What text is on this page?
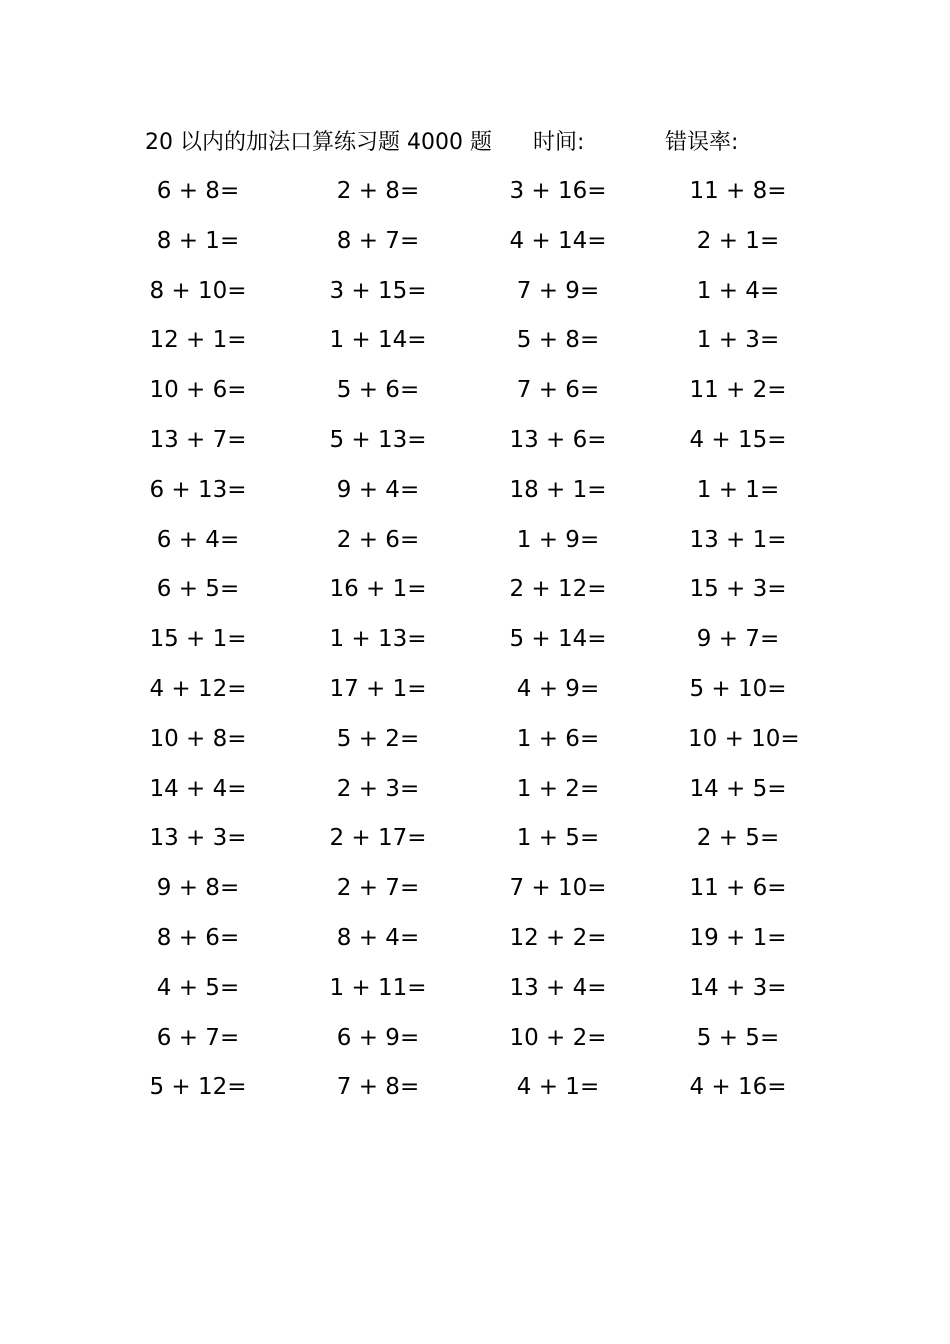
20 以内的加法口算练习题 4000 题 时间:	错误率:
6 + 8=	2 + 8=	3 + 16=	11 + 8=
8 + 1=	8 + 7=	4 + 14=	2 + 1=
8 + 10=	3 + 15=	7 + 9=	1 + 4=
12 + 1=	1 + 14=	5 + 8=	1 + 3=
10 + 6=	5 + 6=	7 + 6=	11 + 2=
13 + 7=	5 + 13=	13 + 6=	4 + 15=
6 + 13=	9 + 4=	18 + 1=	1 + 1=
6 + 4=	2 + 6=	1 + 9=	13 + 1=
6 + 5=	16 + 1=	2 + 12=	15 + 3=
15 + 1=	1 + 13=	5 + 14=	9 + 7=
4 + 12=	17 + 1=	4 + 9=	5 + 10=
10 + 8=	5 + 2=	1 + 6=	10 + 10=
14 + 4=	2 + 3=	1 + 2=	14 + 5=
13 + 3=	2 + 17=	1 + 5=	2 + 5=
9 + 8=	2 + 7=	7 + 10=	11 + 6=
8 + 6=	8 + 4=	12 + 2=	19 + 1=
4 + 5=	1 + 11=	13 + 4=	14 + 3=
6 + 7=	6 + 9=	10 + 2=	5 + 5=
5 + 12=	7 + 8=	4 + 1=	4 + 16=
